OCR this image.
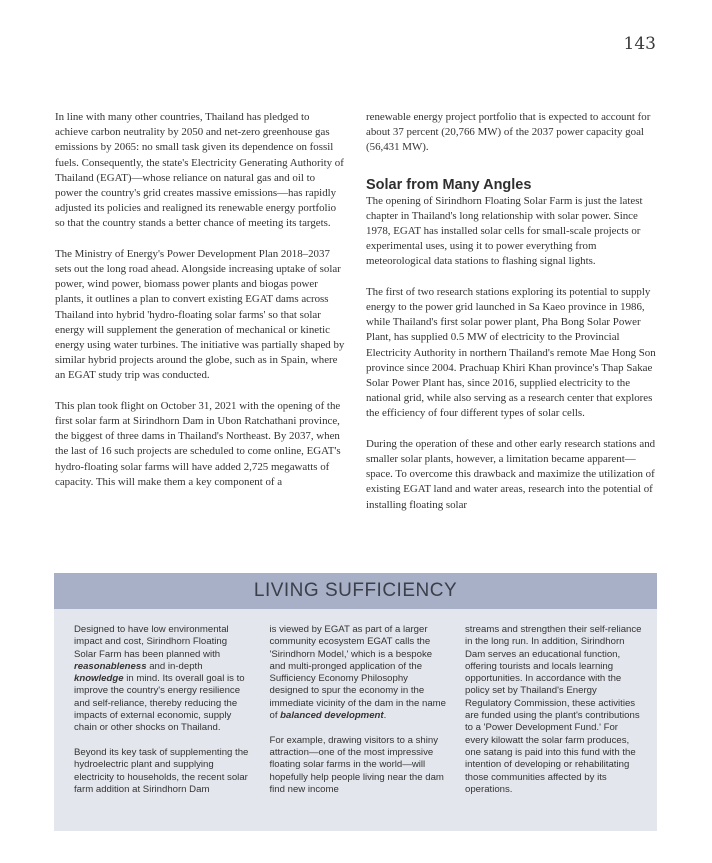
143

In line with many other countries, Thailand has pledged to achieve carbon neutrality by 2050 and net-zero greenhouse gas emissions by 2065: no small task given its dependence on fossil fuels. Consequently, the state's Electricity Generating Authority of Thailand (EGAT)—whose reliance on natural gas and oil to power the country's grid creates massive emissions—has rapidly adjusted its policies and realigned its renewable energy portfolio so that the country stands a better chance of meeting its targets.

The Ministry of Energy's Power Development Plan 2018–2037 sets out the long road ahead. Alongside increasing uptake of solar power, wind power, biomass power plants and biogas power plants, it outlines a plan to convert existing EGAT dams across Thailand into hybrid 'hydro-floating solar farms' so that solar energy will supplement the generation of mechanical or kinetic energy using water turbines. The initiative was partially shaped by similar hybrid projects around the globe, such as in Spain, where an EGAT study trip was conducted.

This plan took flight on October 31, 2021 with the opening of the first solar farm at Sirindhorn Dam in Ubon Ratchathani province, the biggest of three dams in Thailand's Northeast. By 2037, when the last of 16 such projects are scheduled to come online, EGAT's hydro-floating solar farms will have added 2,725 megawatts of capacity. This will make them a key component of a

renewable energy project portfolio that is expected to account for about 37 percent (20,766 MW) of the 2037 power capacity goal (56,431 MW).

Solar from Many Angles

The opening of Sirindhorn Floating Solar Farm is just the latest chapter in Thailand's long relationship with solar power. Since 1978, EGAT has installed solar cells for small-scale projects or experimental uses, using it to power everything from meteorological data stations to flashing signal lights.

The first of two research stations exploring its potential to supply energy to the power grid launched in Sa Kaeo province in 1986, while Thailand's first solar power plant, Pha Bong Solar Power Plant, has supplied 0.5 MW of electricity to the Provincial Electricity Authority in northern Thailand's remote Mae Hong Son province since 2004. Prachuap Khiri Khan province's Thap Sakae Solar Power Plant has, since 2016, supplied electricity to the national grid, while also serving as a research center that explores the efficiency of four different types of solar cells.

During the operation of these and other early research stations and smaller solar plants, however, a limitation became apparent—space. To overcome this drawback and maximize the utilization of existing EGAT land and water areas, research into the potential of installing floating solar

LIVING SUFFICIENCY

Designed to have low environmental impact and cost, Sirindhorn Floating Solar Farm has been planned with reasonableness and in-depth knowledge in mind. Its overall goal is to improve the country's energy resilience and self-reliance, thereby reducing the impacts of external economic, supply chain or other shocks on Thailand.

Beyond its key task of supplementing the hydroelectric plant and supplying electricity to households, the recent solar farm addition at Sirindhorn Dam

is viewed by EGAT as part of a larger community ecosystem EGAT calls the 'Sirindhorn Model,' which is a bespoke and multi-pronged application of the Sufficiency Economy Philosophy designed to spur the economy in the immediate vicinity of the dam in the name of balanced development.

For example, drawing visitors to a shiny attraction—one of the most impressive floating solar farms in the world—will hopefully help people living near the dam find new income

streams and strengthen their self-reliance in the long run. In addition, Sirindhorn Dam serves an educational function, offering tourists and locals learning opportunities. In accordance with the policy set by Thailand's Energy Regulatory Commission, these activities are funded using the plant's contributions to a 'Power Development Fund.' For every kilowatt the solar farm produces, one satang is paid into this fund with the intention of developing or rehabilitating those communities affected by its operations.
